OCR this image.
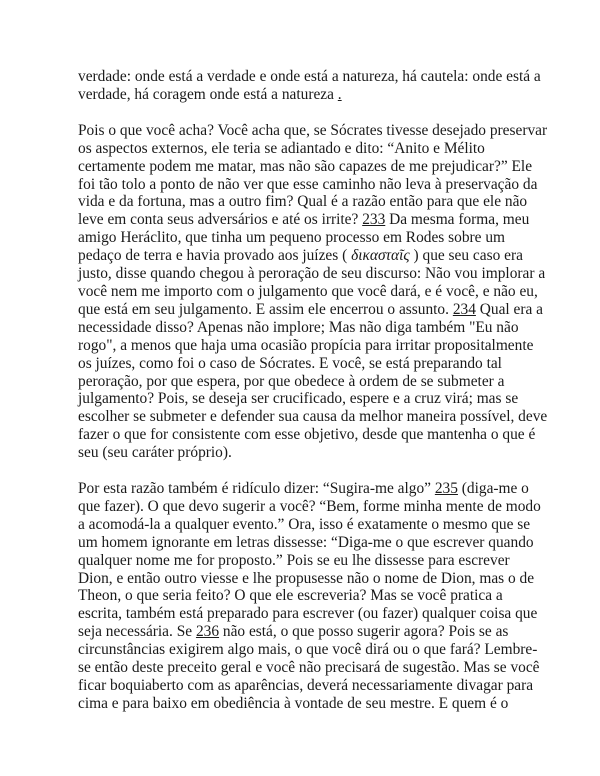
verdade: onde está a verdade e onde está a natureza, há cautela: onde está a
verdade, há coragem onde está a natureza .
Pois o que você acha? Você acha que, se Sócrates tivesse desejado preservar
os aspectos externos, ele teria se adiantado e dito: “Anito e Mélito
certamente podem me matar, mas não são capazes de me prejudicar?” Ele
foi tão tolo a ponto de não ver que esse caminho não leva à preservação da
vida e da fortuna, mas a outro fim? Qual é a razão então para que ele não
leve em conta seus adversários e até os irrite? 233 Da mesma forma, meu
amigo Heráclito, que tinha um pequeno processo em Rodes sobre um
pedaço de terra e havia provado aos juízes ( δικασταῖς ) que seu caso era
justo, disse quando chegou à peroração de seu discurso: Não vou implorar a
você nem me importo com o julgamento que você dará, e é você, e não eu,
que está em seu julgamento. E assim ele encerrou o assunto. 234 Qual era a
necessidade disso? Apenas não implore; Mas não diga também "Eu não
rogo", a menos que haja uma ocasião propícia para irritar propositalmente
os juízes, como foi o caso de Sócrates. E você, se está preparando tal
peroração, por que espera, por que obedece à ordem de se submeter a
julgamento? Pois, se deseja ser crucificado, espere e a cruz virá; mas se
escolher se submeter e defender sua causa da melhor maneira possível, deve
fazer o que for consistente com esse objetivo, desde que mantenha o que é
seu (seu caráter próprio).
Por esta razão também é ridículo dizer: “Sugira-me algo” 235 (diga-me o
que fazer). O que devo sugerir a você? “Bem, forme minha mente de modo
a acomodá-la a qualquer evento.” Ora, isso é exatamente o mesmo que se
um homem ignorante em letras dissesse: “Diga-me o que escrever quando
qualquer nome me for proposto.” Pois se eu lhe dissesse para escrever
Dion, e então outro viesse e lhe propusesse não o nome de Dion, mas o de
Theon, o que seria feito? O que ele escreveria? Mas se você pratica a
escrita, também está preparado para escrever (ou fazer) qualquer coisa que
seja necessária. Se 236 não está, o que posso sugerir agora? Pois se as
circunstâncias exigirem algo mais, o que você dirá ou o que fará? Lembre-
se então deste preceito geral e você não precisará de sugestão. Mas se você
ficar boquiaberto com as aparências, deverá necessariamente divagar para
cima e para baixo em obediência à vontade de seu mestre. E quem é o
